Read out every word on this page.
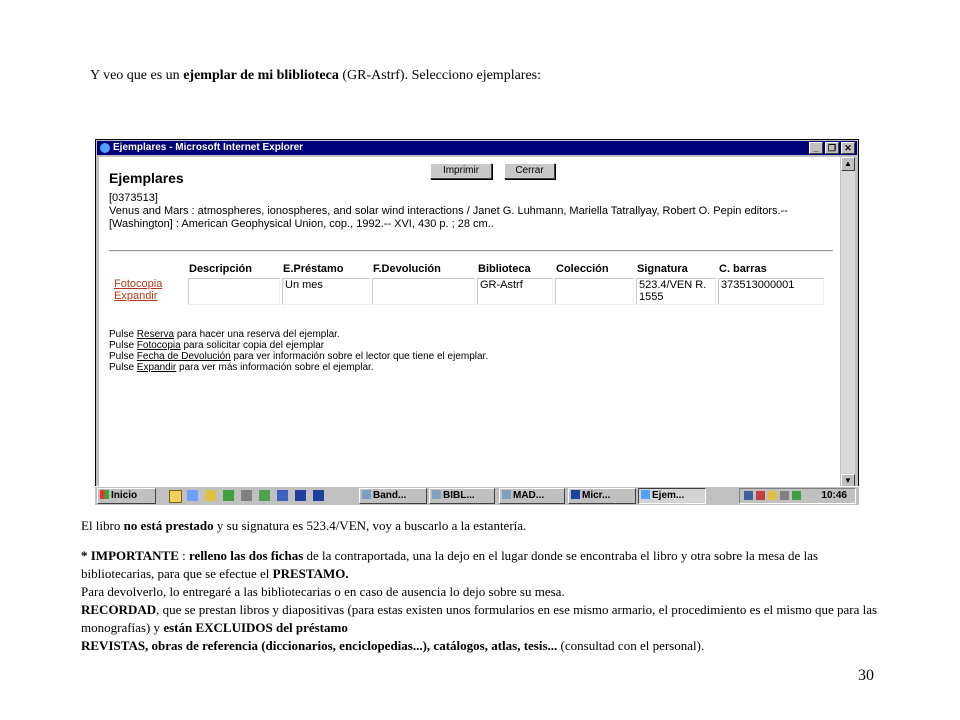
Y veo que es un ejemplar de mi bliblioteca (GR-Astrf). Selecciono ejemplares:
Ejemplares - Microsoft Internet Explorer	_ ❐ ✕
Ejemplares	Imprimir	Cerrar
[0373513]
Venus and Mars : atmospheres, ionospheres, and solar wind interactions / Janet G. Luhmann, Mariella Tatrallyay, Robert O. Pepin editors.-- [Washington] : American Geophysical Union, cop., 1992.-- XVI, 430 p. ; 28 cm..
	Descripción	E.Préstamo	F.Devolución	Biblioteca	Colección	Signatura	C. barras
Fotocopia
Expandir		Un mes		GR-Astrf		523.4/VEN R. 1555	373513000001
Pulse Reserva para hacer una reserva del ejemplar.
Pulse Fotocopia para solicitar copia del ejemplar
Pulse Fecha de Devolución para ver información sobre el lector que tiene el ejemplar.
Pulse Expandir para ver más información sobre el ejemplar.
▲
▼
Inicio	Band...	BIBL...	MAD...	Micr...	Ejem...	10:46

El libro no está prestado y su signatura es 523.4/VEN, voy a buscarlo a la estantería.

* IMPORTANTE : relleno las dos fichas de la contraportada, una la dejo en el lugar donde se encontraba el libro y otra sobre la mesa de las bibliotecarias, para que se efectue el PRESTAMO.

Para devolverlo, lo entregaré a las bibliotecarias o en caso de ausencia lo dejo sobre su mesa.

RECORDAD, que se prestan libros y diapositivas (para estas existen unos formularios en ese mismo armario, el procedimiento es el mismo que para las monografías) y están EXCLUIDOS del préstamo

REVISTAS, obras de referencia (diccionarios, enciclopedias...), catálogos, atlas, tesis... (consultad con el personal).

30
